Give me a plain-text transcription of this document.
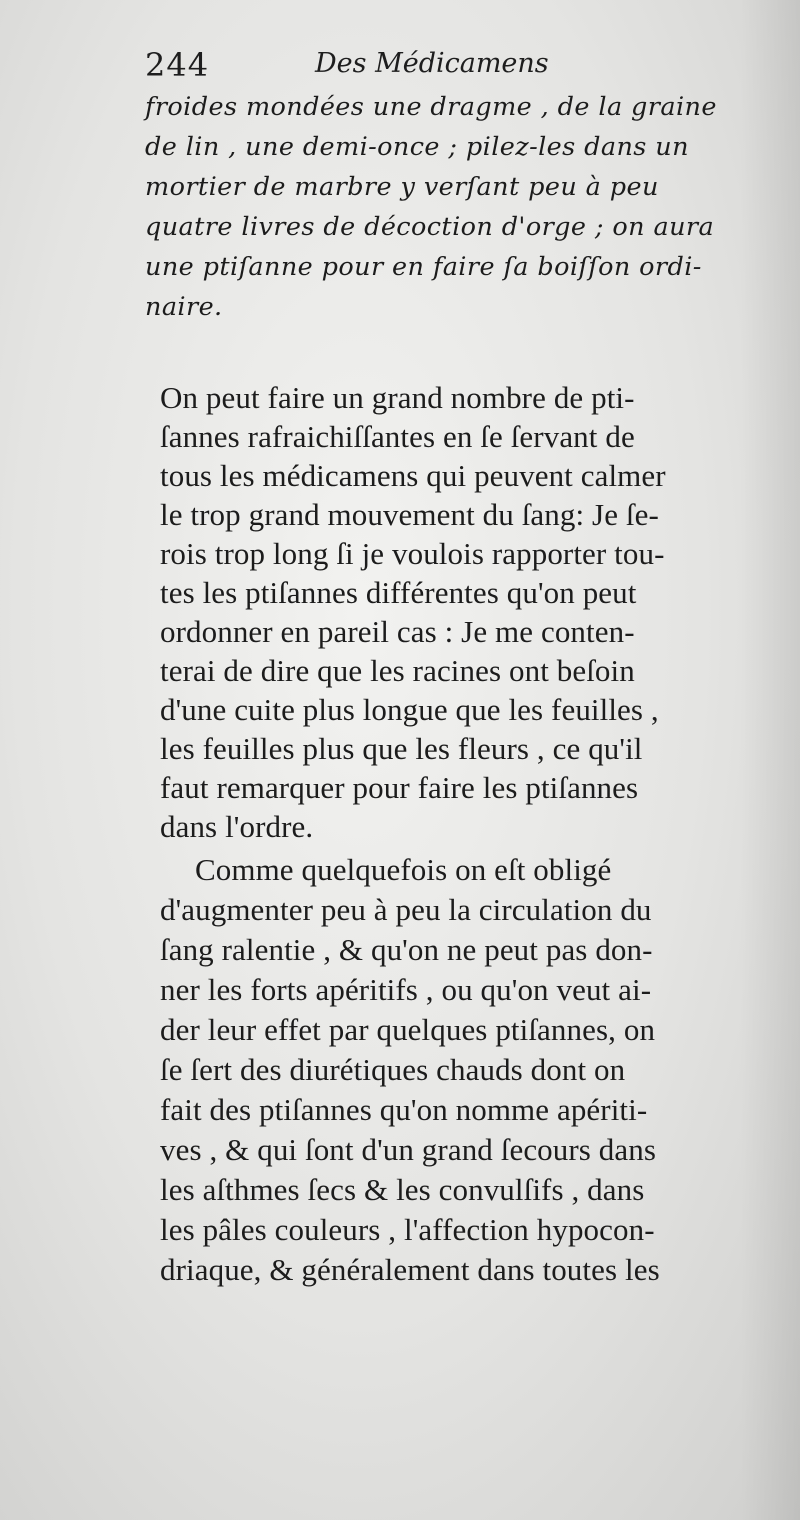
244	Des Médicamens
froides mondées une dragme , de la graine
de lin , une demi-once ; pilez-les dans un
mortier de marbre y verſant peu à peu
quatre livres de décoction d'orge ; on aura
une ptiſanne pour en faire ſa boiſſon ordi-
naire.
On peut faire un grand nombre de pti-
ſannes rafraichiſſantes en ſe ſervant de
tous les médicamens qui peuvent calmer
le trop grand mouvement du ſang: Je ſe-
rois trop long ſi je voulois rapporter tou-
tes les ptiſannes différentes qu'on peut
ordonner en pareil cas : Je me conten-
terai de dire que les racines ont beſoin
d'une cuite plus longue que les feuilles ,
les feuilles plus que les fleurs , ce qu'il
faut remarquer pour faire les ptiſannes
dans l'ordre.
Comme quelquefois on eſt obligé
d'augmenter peu à peu la circulation du
ſang ralentie , & qu'on ne peut pas don-
ner les forts apéritifs , ou qu'on veut ai-
der leur effet par quelques ptiſannes, on
ſe ſert des diurétiques chauds dont on
fait des ptiſannes qu'on nomme apériti-
ves , & qui ſont d'un grand ſecours dans
les aſthmes ſecs & les convulſifs , dans
les pâles couleurs , l'affection hypocon-
driaque, & généralement dans toutes les
